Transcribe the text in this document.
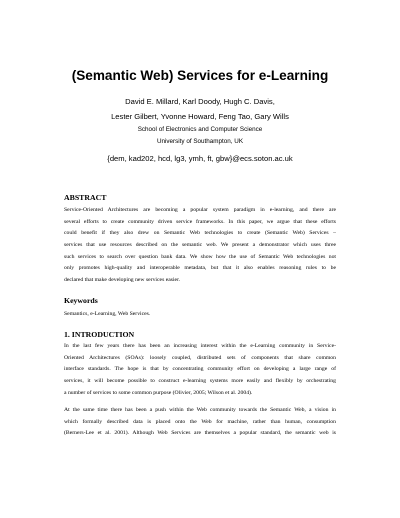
(Semantic Web) Services for e-Learning
David E. Millard, Karl Doody, Hugh C. Davis,
Lester Gilbert, Yvonne Howard, Feng Tao, Gary Wills
School of Electronics and Computer Science
University of Southampton, UK
{dem, kad202, hcd, lg3, ymh, ft, gbw}@ecs.soton.ac.uk
ABSTRACT
Service-Oriented Architectures are becoming a popular system paradigm in e-learning, and there are
several efforts to create community driven service frameworks. In this paper, we argue that these efforts
could benefit if they also drew on Semantic Web technologies to create (Semantic Web) Services –
services that use resources described on the semantic web. We present a demonstrator which uses three
such services to search over question bank data. We show how the use of Semantic Web technologies not
only promotes high-quality and interoperable metadata, but that it also enables reasoning rules to be
declared that make developing new services easier.
Keywords
Semantics, e-Learning, Web Services.
1. INTRODUCTION
In the last few years there has been an increasing interest within the e-Learning community in Service-
Oriented Architectures (SOAs): loosely coupled, distributed sets of components that share common
interface standards. The hope is that by concentrating community effort on developing a large range of
services, it will become possible to construct e-learning systems more easily and flexibly by orchestrating
a number of services to some common purpose (Olivier, 2005; Wilson et al. 2004).
At the same time there has been a push within the Web community towards the Semantic Web, a vision in
which formally described data is placed onto the Web for machine, rather than human, consumption
(Berners-Lee et al. 2001). Although Web Services are themselves a popular standard, the semantic web is
